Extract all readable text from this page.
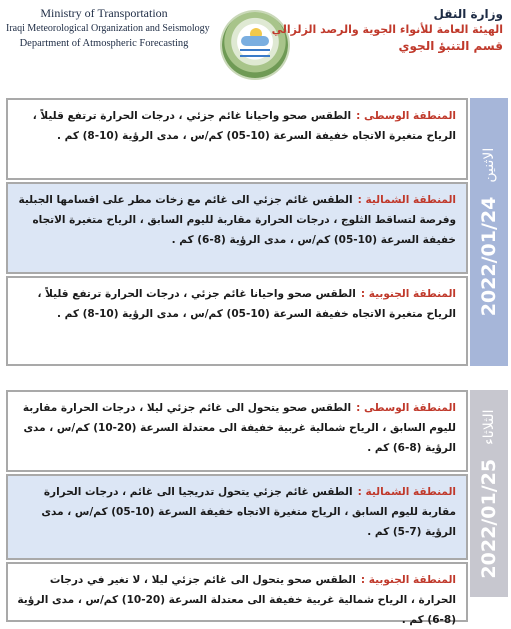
Ministry of Transportation
Iraqi Meteorological Organization and Seismology
Department of Atmospheric Forecasting
وزارة النقل
الهيئة العامة للأنواء الجوية والرصد الزلزالي
قسم التنبؤ الجوي

المنطقة الوسطى : الطقس صحو واحيانا غائم جزئي ، درجات الحرارة ترتفع قليلاً ، الرياح متغيرة الاتجاه خفيفة السرعة (10-05) كم/س ، مدى الرؤية (10-8) كم .

المنطقة الشمالية : الطقس غائم جزئي الى غائم مع زخات مطر على اقسامها الجبلية وفرصة لتساقط الثلوج ، درجات الحرارة مقاربة لليوم السابق ، الرياح متغيرة الاتجاه خفيفة السرعة (10-05) كم/س ، مدى الرؤية (8-6) كم .

المنطقة الجنوبية : الطقس صحو واحيانا غائم جزئي ، درجات الحرارة ترتفع قليلاً ، الرياح متغيرة الاتجاه خفيفة السرعة (10-05) كم/س ، مدى الرؤية (10-8) كم . 2022/01/24
الاثنين

المنطقة الوسطى : الطقس صحو يتحول الى غائم جزئي ليلا ، درجات الحرارة مقاربة لليوم السابق ، الرياح شمالية غربية خفيفة الى معتدلة السرعة (20-10) كم/س ، مدى الرؤية (8-6) كم .

المنطقة الشمالية : الطقس غائم جزئي يتحول تدريجيا الى غائم ، درجات الحرارة مقاربة لليوم السابق ، الرياح متغيرة الاتجاه خفيفة السرعة (10-05) كم/س ، مدى الرؤية (7-5) كم .

المنطقة الجنوبية : الطقس صحو يتحول الى غائم جزئي ليلا ، لا تغير في درجات الحرارة ، الرياح شمالية غربية خفيفة الى معتدلة السرعة (20-10) كم/س ، مدى الرؤية (8-6) كم .

2022/01/25
الثلاثاء
